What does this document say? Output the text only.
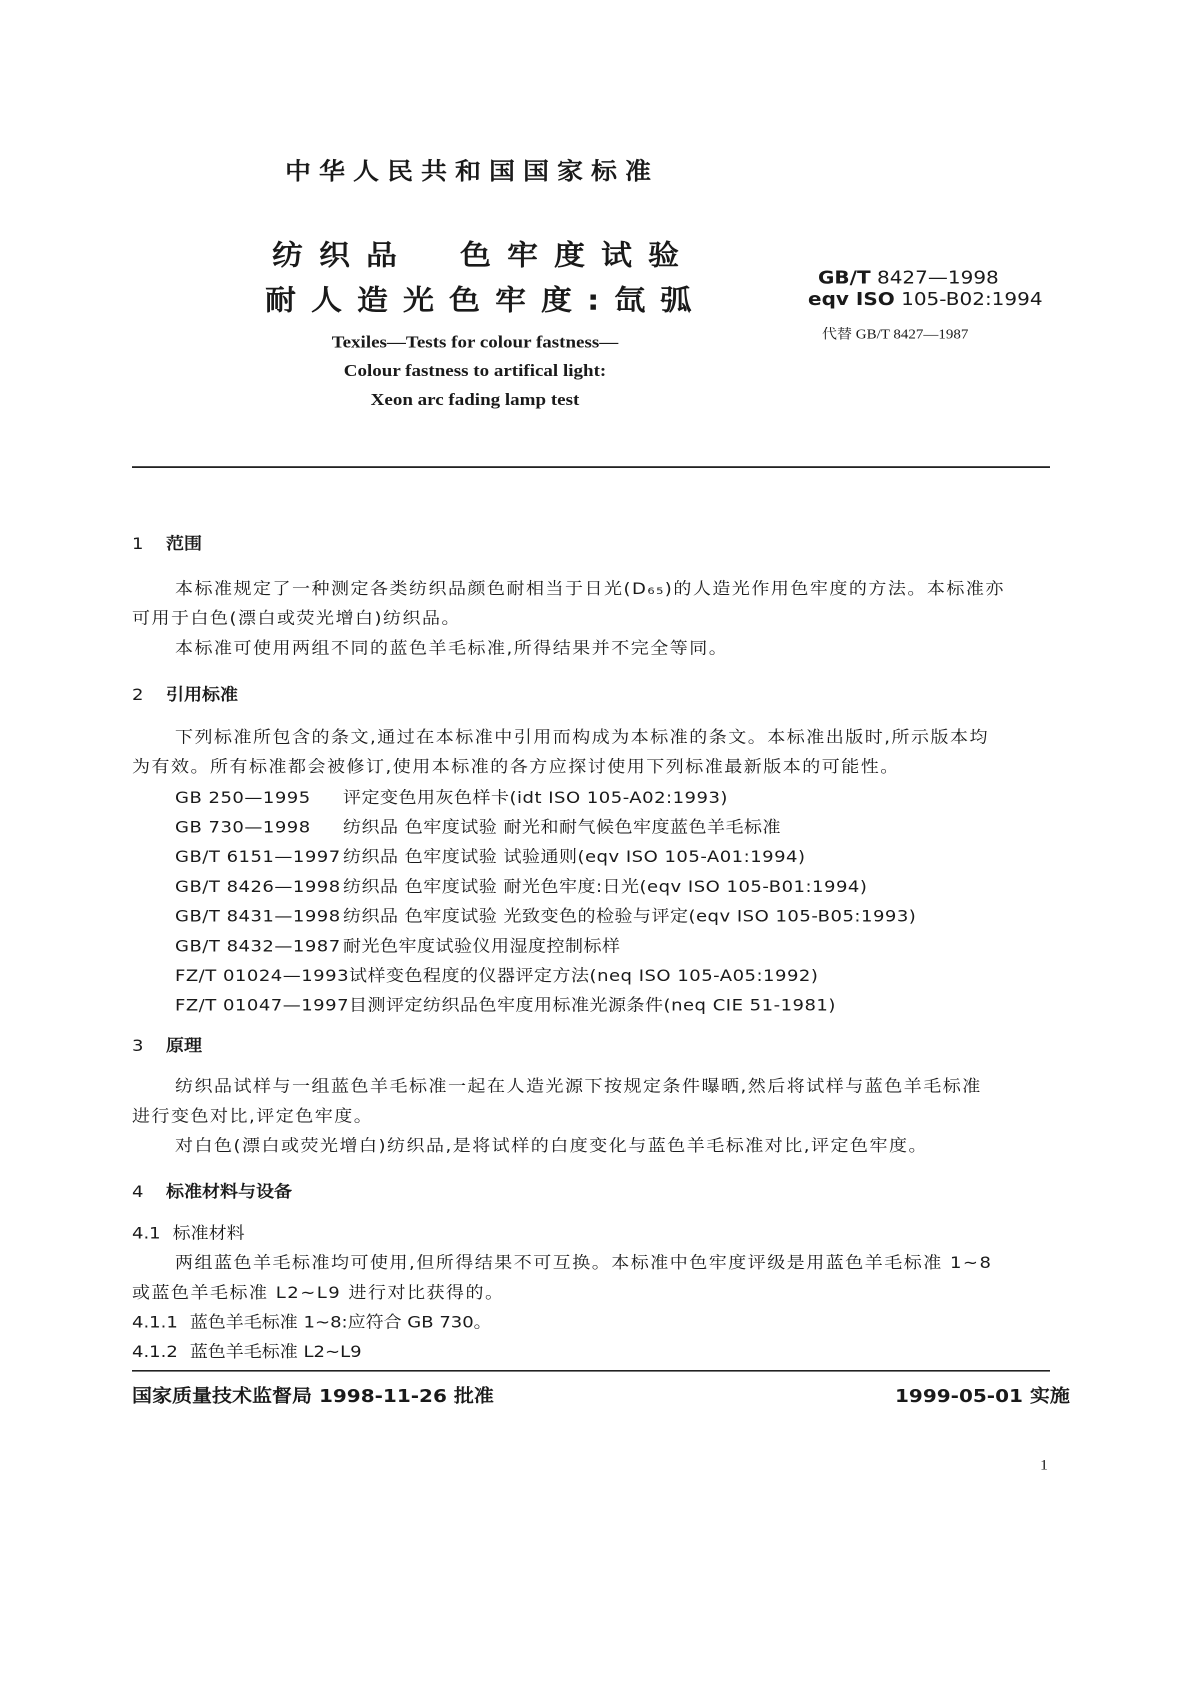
中华人民共和国国家标准
纺织品 色牢度试验
耐人造光色牢度:氙弧
GB/T 8427—1998
eqv ISO 105-B02:1994
代替 GB/T 8427—1987
Texiles—Tests for colour fastness—
Colour fastness to artifical light:
Xeon arc fading lamp test
1 范围
本标准规定了一种测定各类纺织品颜色耐相当于日光(D₆₅)的人造光作用色牢度的方法。本标准亦
可用于白色(漂白或荧光增白)纺织品。
本标准可使用两组不同的蓝色羊毛标准,所得结果并不完全等同。
2 引用标准
下列标准所包含的条文,通过在本标准中引用而构成为本标准的条文。本标准出版时,所示版本均
为有效。所有标准都会被修订,使用本标准的各方应探讨使用下列标准最新版本的可能性。
GB 250—1995 评定变色用灰色样卡(idt ISO 105-A02:1993)
GB 730—1998 纺织品 色牢度试验 耐光和耐气候色牢度蓝色羊毛标准
GB/T 6151—1997 纺织品 色牢度试验 试验通则(eqv ISO 105-A01:1994)
GB/T 8426—1998 纺织品 色牢度试验 耐光色牢度:日光(eqv ISO 105-B01:1994)
GB/T 8431—1998 纺织品 色牢度试验 光致变色的检验与评定(eqv ISO 105-B05:1993)
GB/T 8432—1987 耐光色牢度试验仪用湿度控制标样
FZ/T 01024—1993试样变色程度的仪器评定方法(neq ISO 105-A05:1992)
FZ/T 01047—1997目测评定纺织品色牢度用标准光源条件(neq CIE 51-1981)
3 原理
纺织品试样与一组蓝色羊毛标准一起在人造光源下按规定条件曝晒,然后将试样与蓝色羊毛标准
进行变色对比,评定色牢度。
对白色(漂白或荧光增白)纺织品,是将试样的白度变化与蓝色羊毛标准对比,评定色牢度。
4 标准材料与设备
4.1 标准材料
两组蓝色羊毛标准均可使用,但所得结果不可互换。本标准中色牢度评级是用蓝色羊毛标准 1~8
或蓝色羊毛标准 L2~L9 进行对比获得的。
4.1.1 蓝色羊毛标准 1~8:应符合 GB 730。
4.1.2 蓝色羊毛标准 L2~L9
国家质量技术监督局 1998-11-26 批准	1999-05-01 实施
1
